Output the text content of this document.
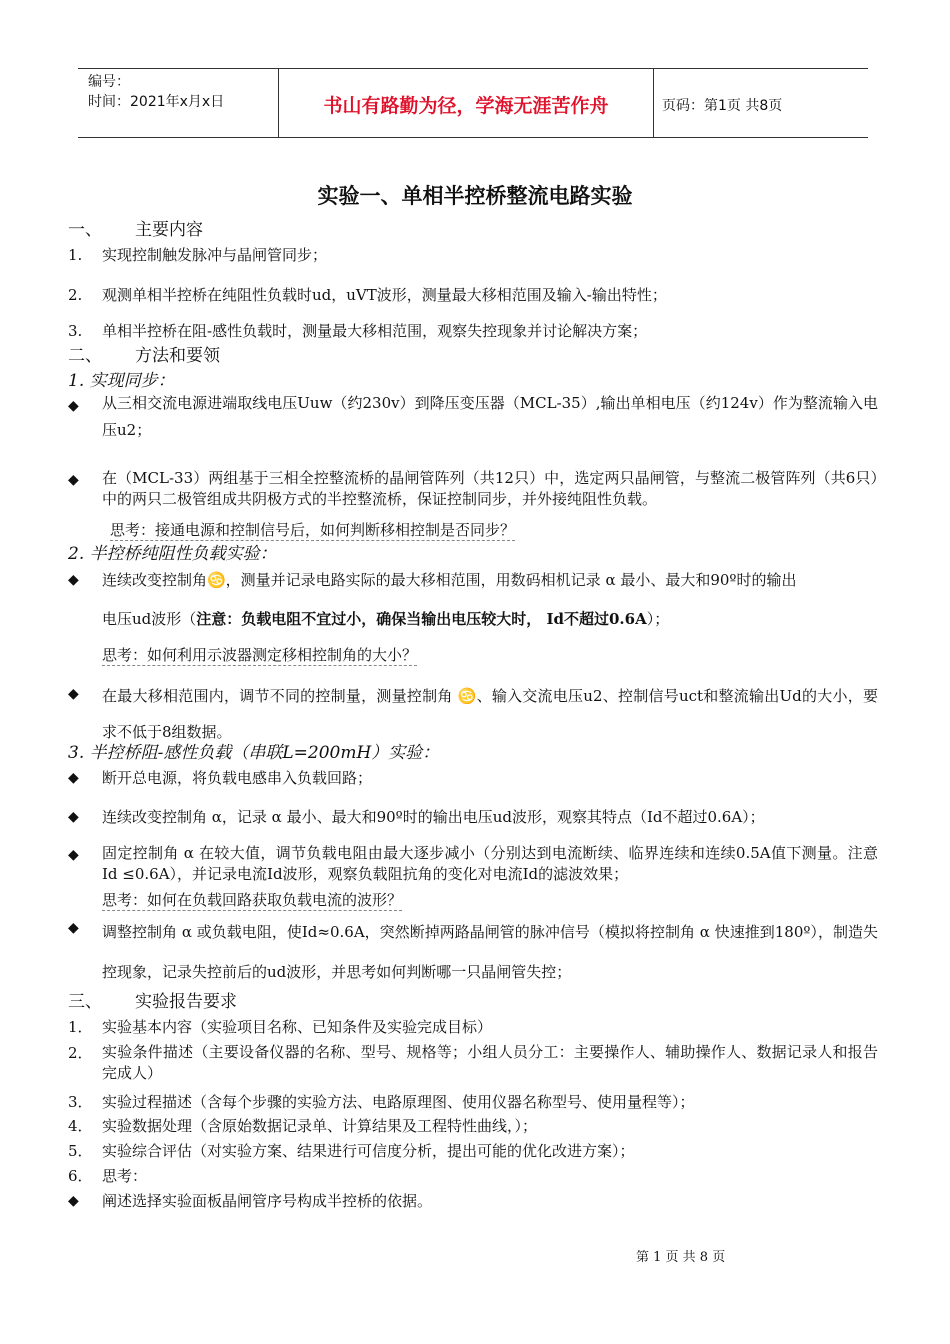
编号：
时间：2021年x月x日	书山有路勤为径，学海无涯苦作舟	页码：第1页 共8页
实验一、单相半控桥整流电路实验
一、 主要内容
1. 实现控制触发脉冲与晶闸管同步；
2. 观测单相半控桥在纯阻性负载时ud，uVT波形，测量最大移相范围及输入-输出特性；
3. 单相半控桥在阻-感性负载时，测量最大移相范围，观察失控现象并讨论解决方案；
二、 方法和要领
1. 实现同步：
◆ 从三相交流电源进端取线电压Uuw（约230v）到降压变压器（MCL-35）,输出单相电压（约124v）作为整流输入电压u2；
◆ 在（MCL-33）两组基于三相全控整流桥的晶闸管阵列（共12只）中，选定两只晶闸管，与整流二极管阵列（共6只）中的两只二极管组成共阴极方式的半控整流桥，保证控制同步，并外接纯阻性负载。
思考：接通电源和控制信号后，如何判断移相控制是否同步？
2. 半控桥纯阻性负载实验：
◆ 连续改变控制角♋，测量并记录电路实际的最大移相范围，用数码相机记录 α 最小、最大和90º时的输出
电压ud波形（注意：负载电阻不宜过小，确保当输出电压较大时， Id不超过0.6A）；
思考：如何利用示波器测定移相控制角的大小？
◆ 在最大移相范围内，调节不同的控制量，测量控制角 ♋、输入交流电压u2、控制信号uct和整流输出Ud的大小，要求不低于8组数据。
3. 半控桥阻-感性负载（串联L=200mH）实验：
◆ 断开总电源，将负载电感串入负载回路；
◆ 连续改变控制角 α，记录 α 最小、最大和90º时的输出电压ud波形，观察其特点（Id不超过0.6A）；
◆ 固定控制角 α 在较大值，调节负载电阻由最大逐步减小（分别达到电流断续、临界连续和连续0.5A值下测量。注意 Id ≤0.6A），并记录电流Id波形，观察负载阻抗角的变化对电流Id的滤波效果；
思考：如何在负载回路获取负载电流的波形？
◆ 调整控制角 α 或负载电阻，使Id≈0.6A，突然断掉两路晶闸管的脉冲信号（模拟将控制角 α 快速推到180º），制造失控现象，记录失控前后的ud波形，并思考如何判断哪一只晶闸管失控；
三、 实验报告要求
1． 实验基本内容（实验项目名称、已知条件及实验完成目标）
2． 实验条件描述（主要设备仪器的名称、型号、规格等；小组人员分工：主要操作人、辅助操作人、数据记录人和报告完成人）
3． 实验过程描述（含每个步骤的实验方法、电路原理图、使用仪器名称型号、使用量程等）；
4． 实验数据处理（含原始数据记录单、计算结果及工程特性曲线，）；
5． 实验综合评估（对实验方案、结果进行可信度分析，提出可能的优化改进方案）；
6． 思考：
◆ 阐述选择实验面板晶闸管序号构成半控桥的依据。
第 1 页 共 8 页
